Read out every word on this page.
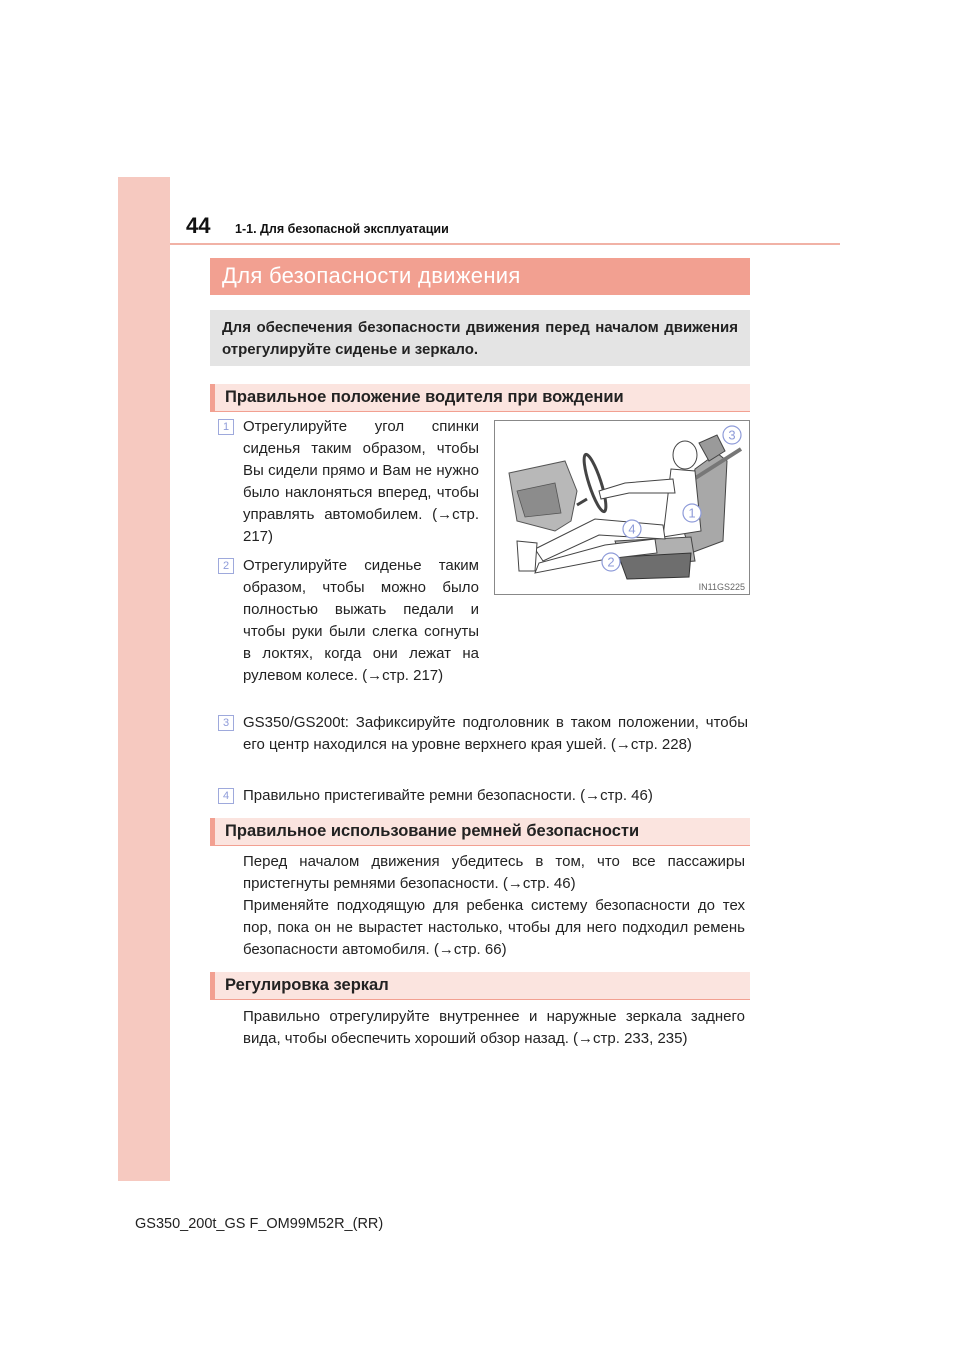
44 1-1. Для безопасной эксплуатации
Для безопасности движения

Для обеспечения безопасности движения перед началом движения отрегулируйте сиденье и зеркало.

Правильное положение водителя при вождении
1 Отрегулируйте угол спинки сиденья таким образом, чтобы Вы сидели прямо и Вам не нужно было наклоняться вперед, чтобы управлять автомобилем. (→стр. 217)

2 Отрегулируйте сиденье таким образом, чтобы можно было полностью выжать педали и чтобы руки были слегка согнуты в локтях, когда они лежат на рулевом колесе. (→стр. 217)

3 GS350/GS200t: Зафиксируйте подголовник в таком положении, чтобы его центр находился на уровне верхнего края ушей. (→стр. 228)

4 Правильно пристегивайте ремни безопасности. (→стр. 46)

3
1
4
2
IN11GS225
Правильное использование ремней безопасности

Перед началом движения убедитесь в том, что все пассажиры пристегнуты ремнями безопасности. (→стр. 46)

Применяйте подходящую для ребенка систему безопасности до тех пор, пока он не вырастет настолько, чтобы для него подходил ремень безопасности автомобиля. (→стр. 66)

Регулировка зеркал

Правильно отрегулируйте внутреннее и наружные зеркала заднего вида, чтобы обеспечить хороший обзор назад. (→стр. 233, 235)

GS350_200t_GS F_OM99M52R_(RR)
